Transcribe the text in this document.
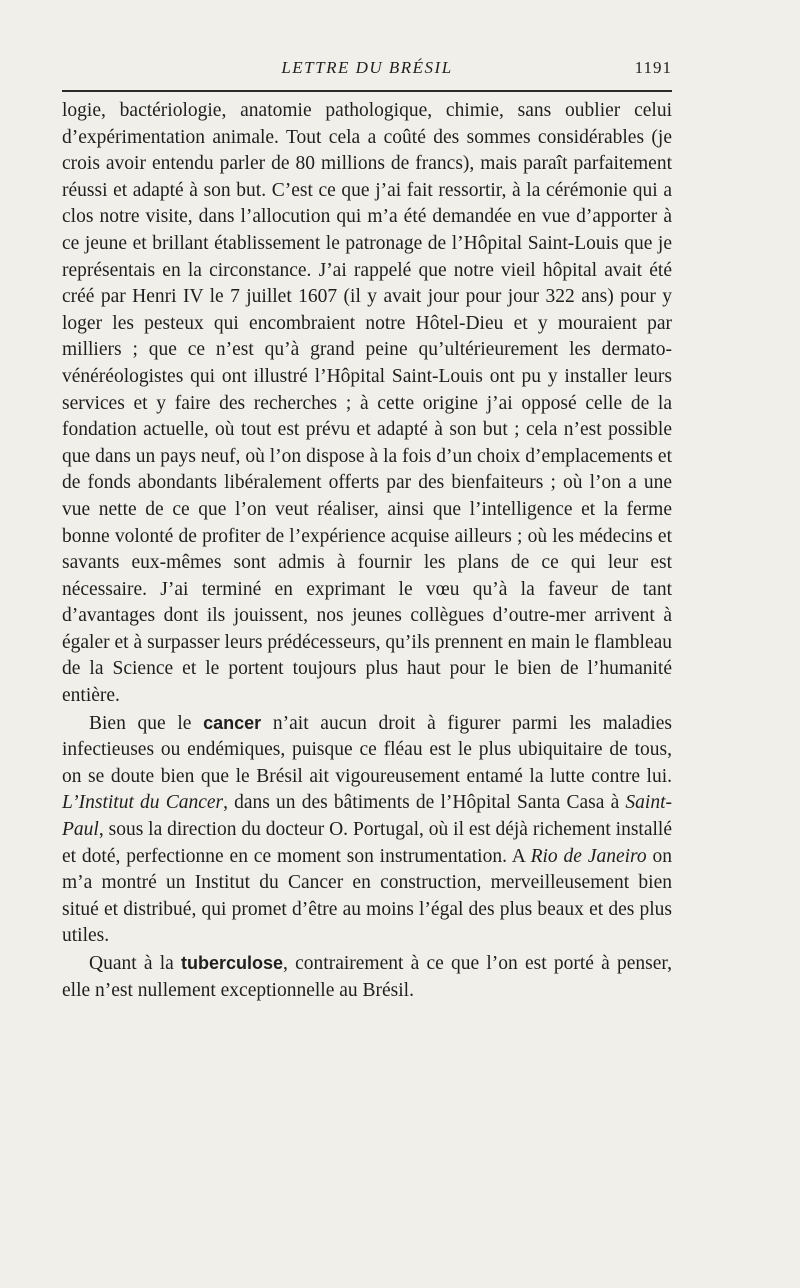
LETTRE DU BRÉSIL	1191

logie, bactériologie, anatomie pathologique, chimie, sans oublier celui d’expérimentation animale. Tout cela a coûté des sommes considérables (je crois avoir entendu parler de 80 millions de francs), mais paraît parfaitement réussi et adapté à son but. C’est ce que j’ai fait ressortir, à la cérémonie qui a clos notre visite, dans l’allocution qui m’a été demandée en vue d’apporter à ce jeune et brillant établissement le patronage de l’Hôpital Saint-Louis que je représentais en la circonstance. J’ai rappelé que notre vieil hôpital avait été créé par Henri IV le 7 juillet 1607 (il y avait jour pour jour 322 ans) pour y loger les pesteux qui encombraient notre Hôtel-Dieu et y mouraient par milliers ; que ce n’est qu’à grand peine qu’ultérieurement les dermato-vénéréologistes qui ont illustré l’Hôpital Saint-Louis ont pu y installer leurs services et y faire des recherches ; à cette origine j’ai opposé celle de la fondation actuelle, où tout est prévu et adapté à son but ; cela n’est possible que dans un pays neuf, où l’on dispose à la fois d’un choix d’emplacements et de fonds abondants libéralement offerts par des bienfaiteurs ; où l’on a une vue nette de ce que l’on veut réaliser, ainsi que l’intelligence et la ferme bonne volonté de profiter de l’expérience acquise ailleurs ; où les médecins et savants eux-mêmes sont admis à fournir les plans de ce qui leur est nécessaire. J’ai terminé en exprimant le vœu qu’à la faveur de tant d’avantages dont ils jouissent, nos jeunes collègues d’outre-mer arrivent à égaler et à surpasser leurs prédécesseurs, qu’ils prennent en main le flambleau de la Science et le portent toujours plus haut pour le bien de l’humanité entière.

Bien que le cancer n’ait aucun droit à figurer parmi les maladies infectieuses ou endémiques, puisque ce fléau est le plus ubiquitaire de tous, on se doute bien que le Brésil ait vigoureusement entamé la lutte contre lui. L’Institut du Cancer, dans un des bâtiments de l’Hôpital Santa Casa à Saint-Paul, sous la direction du docteur O. Portugal, où il est déjà richement installé et doté, perfectionne en ce moment son instrumentation. A Rio de Janeiro on m’a montré un Institut du Cancer en construction, merveilleusement bien situé et distribué, qui promet d’être au moins l’égal des plus beaux et des plus utiles.

Quant à la tuberculose, contrairement à ce que l’on est porté à penser, elle n’est nullement exceptionnelle au Brésil.
